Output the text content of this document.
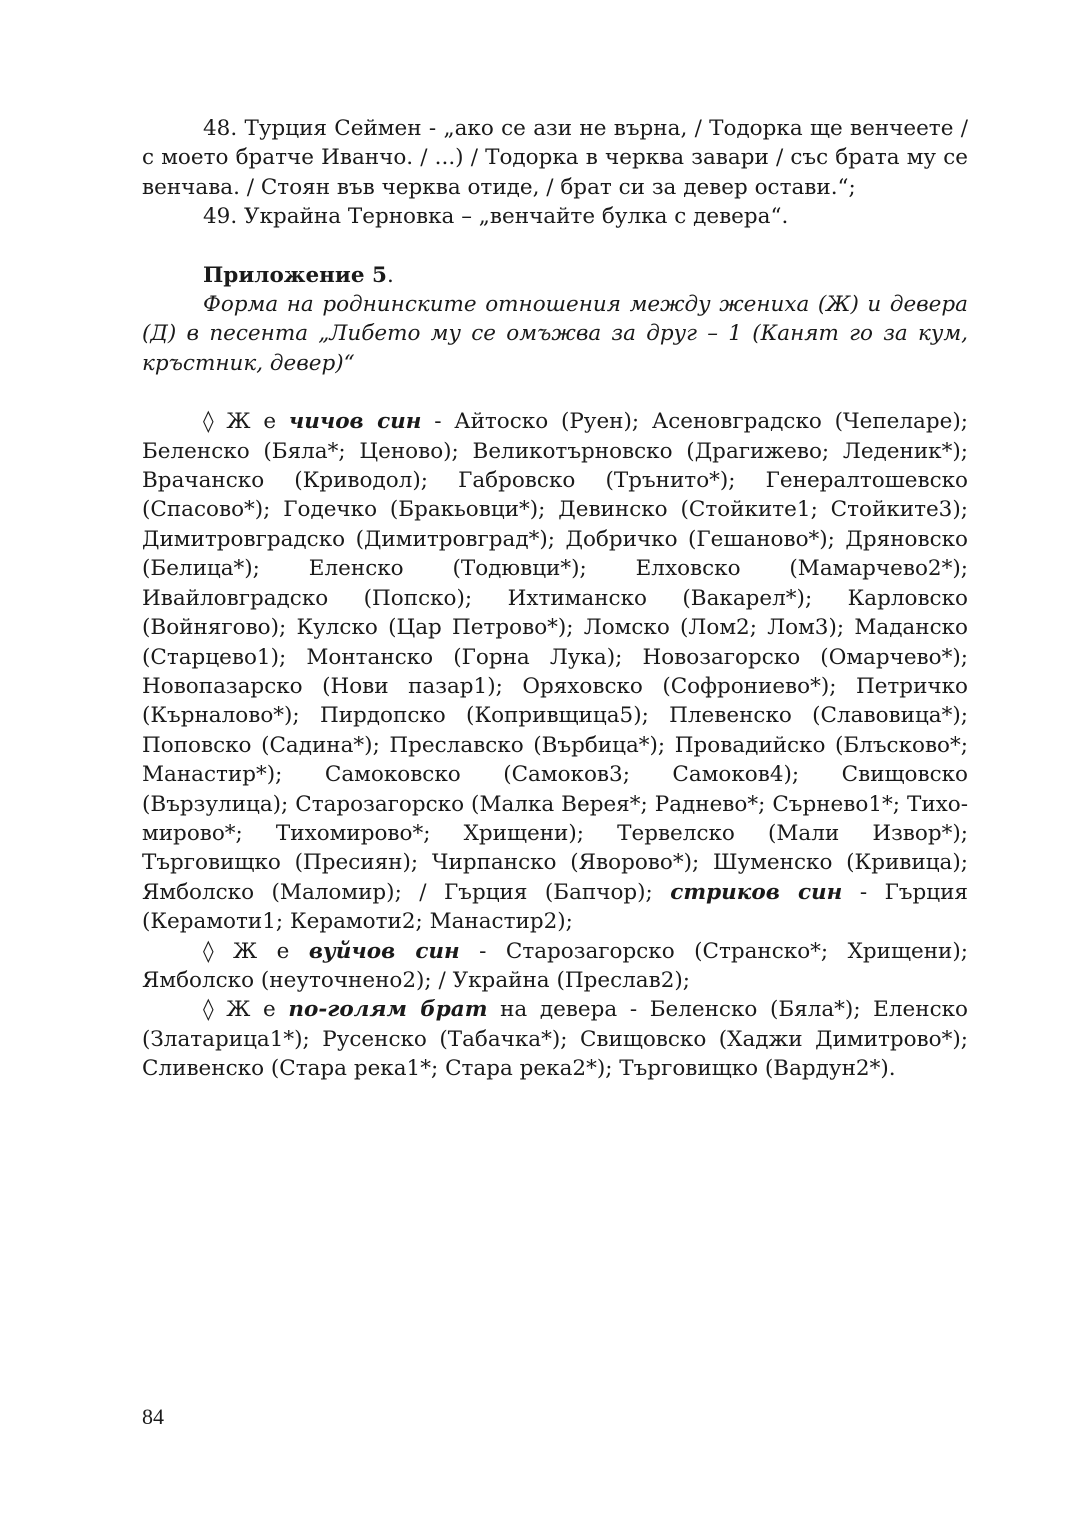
48. Турция Сеймен - „ако се ази не върна, / Тодорка ще венчеете / с моето братче Иванчо. / ...) / Тодорка в черква завари / със брата му се венчава. / Стоян във черква отиде, / брат си за девер остави.“;

49. Украйна Терновка – „венчайте булка с девера“.

Приложение 5.

Форма на роднинските отношения между жениха (Ж) и девера (Д) в песента „Либето му се омъжва за друг – 1 (Канят го за кум, кръстник, девер)“

◊ Ж е чичов син - Айтоско (Руен); Асеновградско (Чепеларе); Беленско (Бяла*; Ценово); Великотърновско (Драгижево; Леденик*); Врачанско (Криводол); Габровско (Трънито*); Генералтошевско (Спасово*); Годечко (Бракьовци*); Девинско (Стойките1; Стойките3); Димитровградско (Димитровград*); Добричко (Гешаново*); Дряновско (Белица*); Еленско (Тодювци*); Елховско (Мамарчево2*); Ивайловградско (Попско); Ихтиманско (Вакарел*); Карловско (Войнягово); Кулско (Цар Петрово*); Ломско (Лом2; Лом3); Маданско (Старцево1); Монтанско (Горна Лука); Новозагорско (Омарчево*); Новопазарско (Нови пазар1); Оряховско (Софрониево*); Петричко (Кърналово*); Пирдопско (Копривщица5); Плевенско (Славовица*); Поповско (Садина*); Преславско (Върбица*); Провадийско (Блъсково*; Манастир*); Самоковско (Самоков3; Самоков4); Свищовско (Вързулица); Старозагорско (Малка Верея*; Раднево*; Сърнево1*; Тихомирово*; Тихомирово*; Хрищени); Тервелско (Мали Извор*); Търговищко (Пресиян); Чирпанско (Яворово*); Шуменско (Кривица); Ямболско (Маломир); / Гърция (Бапчор); стриков син - Гърция (Керамоти1; Керамоти2; Манастир2);

◊ Ж е вуйчов син - Старозагорско (Странско*; Хрищени); Ямболско (неуточнено2); / Украйна (Преслав2);

◊ Ж е по-голям брат на девера - Беленско (Бяла*); Еленско (Златарица1*); Русенско (Табачка*); Свищовско (Хаджи Димитрово*); Сливенско (Стара река1*; Стара река2*); Търговищко (Вардун2*).

84
